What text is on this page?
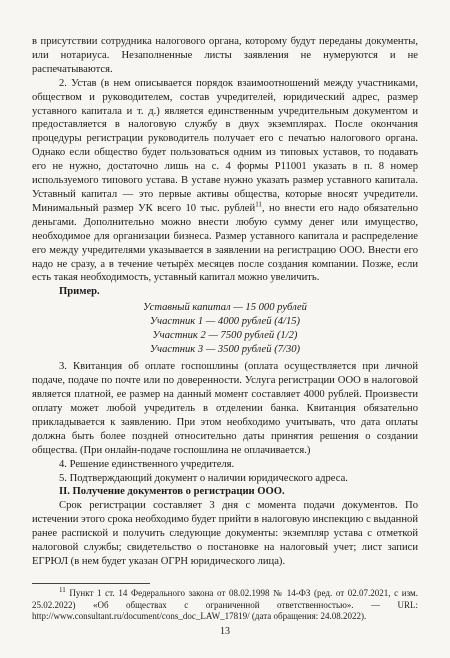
в присутствии сотрудника налогового органа, которому будут переданы документы, или нотариуса. Незаполненные листы заявления не нумеруются и не распечатываются.

2. Устав (в нем описывается порядок взаимоотношений между участниками, обществом и руководителем, состав учредителей, юридический адрес, размер уставного капитала и т. д.) является единственным учредительным документом и предоставляется в налоговую службу в двух экземплярах. После окончания процедуры регистрации руководитель получает его с печатью налогового органа. Однако если общество будет пользоваться одним из типовых уставов, то подавать его не нужно, достаточно лишь на с. 4 формы Р11001 указать в п. 8 номер используемого типового устава. В уставе нужно указать размер уставного капитала. Уставный капитал — это первые активы общества, которые вносят учредители. Минимальный размер УК всего 10 тыс. рублей$^{11}$, но внести его надо обязательно деньгами. Дополнительно можно внести любую сумму денег или имущество, необходимое для организации бизнеса. Размер уставного капитала и распределение его между учредителями указывается в заявлении на регистрацию ООО. Внести его надо не сразу, а в течение четырёх месяцев после создания компании. Позже, если есть такая необходимость, уставный капитал можно увеличить.

Пример.

Уставный капитал — 15 000 рублей
Участник 1 — 4000 рублей (4/15)
Участник 2 — 7500 рублей (1/2)
Участник 3 — 3500 рублей (7/30)

3. Квитанция об оплате госпошлины (оплата осуществляется при личной подаче, подаче по почте или по доверенности. Услуга регистрации ООО в налоговой является платной, ее размер на данный момент составляет 4000 рублей. Произвести оплату может любой учредитель в отделении банка. Квитанция обязательно прикладывается к заявлению. При этом необходимо учитывать, что дата оплаты должна быть более поздней относительно даты принятия решения о создании общества. (При онлайн-подаче госпошлина не оплачивается.)

4. Решение единственного учредителя.

5. Подтверждающий документ о наличии юридического адреса.

II. Получение документов о регистрации ООО.

Срок регистрации составляет 3 дня с момента подачи документов. По истечении этого срока необходимо будет прийти в налоговую инспекцию с выданной ранее распиской и получить следующие документы: экземпляр устава с отметкой налоговой службы; свидетельство о постановке на налоговый учет; лист записи ЕГРЮЛ (в нем будет указан ОГРН юридического лица).

$^{11}$ Пункт 1 ст. 14 Федерального закона от 08.02.1998 № 14-ФЗ (ред. от 02.07.2021, с изм. 25.02.2022) «Об обществах с ограниченной ответственностью». — URL: http://www.consultant.ru/document/cons_doc_LAW_17819/ (дата обращения: 24.08.2022).

13
